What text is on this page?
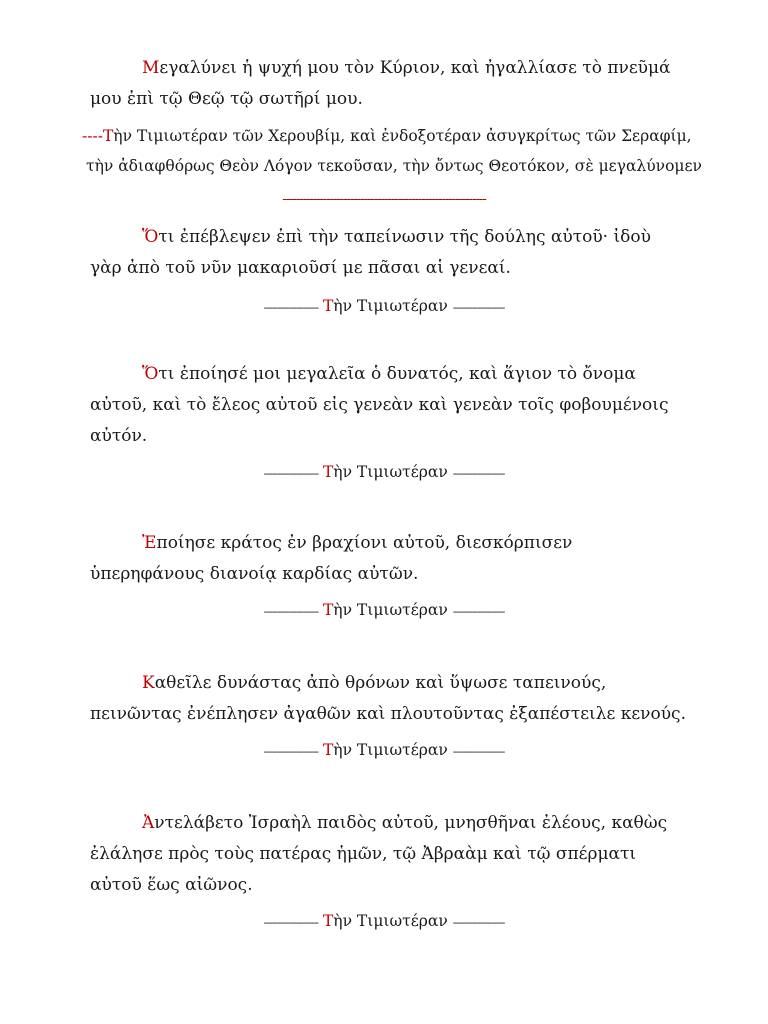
Μεγαλύνει ἡ ψυχή μου τὸν Κύριον, καὶ ἠγαλλίασε τὸ πνεῦμά
μου ἐπὶ τῷ Θεῷ τῷ σωτῆρί μου.

----Τὴν Τιμιωτέραν τῶν Χερουβίμ, καὶ ἐνδοξοτέραν ἀσυγκρίτως τῶν Σεραφίμ,
τὴν ἀδιαφθόρως Θεὸν Λόγον τεκοῦσαν, τὴν ὄντως Θεοτόκον, σὲ μεγαλύνομεν
------------------------------------------------------------

Ὅτι ἐπέβλεψεν ἐπὶ τὴν ταπείνωσιν τῆς δούλης αὐτοῦ· ἰδοὺ
γὰρ ἀπὸ τοῦ νῦν μακαριοῦσί με πᾶσαι αἱ γενεαί.

-------------------- Τὴν Τιμιωτέραν -------------------

Ὅτι ἐποίησέ μοι μεγαλεῖα ὁ δυνατός, καὶ ἅγιον τὸ ὄνομα
αὐτοῦ, καὶ τὸ ἔλεος αὐτοῦ εἰς γενεὰν καὶ γενεὰν τοῖς φοβουμένοις
αὐτόν.

-------------------- Τὴν Τιμιωτέραν -------------------

Ἐποίησε κράτος ἐν βραχίονι αὐτοῦ, διεσκόρπισεν
ὑπερηφάνους διανοίᾳ καρδίας αὐτῶν.

-------------------- Τὴν Τιμιωτέραν -------------------

Καθεῖλε δυνάστας ἀπὸ θρόνων καὶ ὕψωσε ταπεινούς,
πεινῶντας ἐνέπλησεν ἀγαθῶν καὶ πλουτοῦντας ἐξαπέστειλε κενούς.

-------------------- Τὴν Τιμιωτέραν -------------------

Ἀντελάβετο Ἰσραὴλ παιδὸς αὐτοῦ, μνησθῆναι ἐλέους, καθὼς
ἐλάλησε πρὸς τοὺς πατέρας ἡμῶν, τῷ Ἀβραὰμ καὶ τῷ σπέρματι
αὐτοῦ ἕως αἰῶνος.

-------------------- Τὴν Τιμιωτέραν -------------------
